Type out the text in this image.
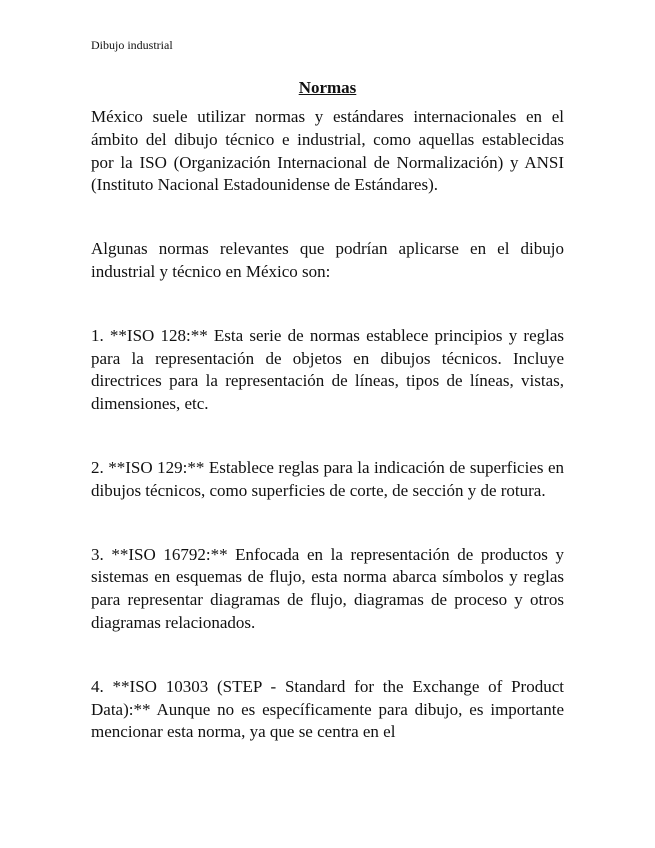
Dibujo industrial
Normas

México suele utilizar normas y estándares internacionales en el ámbito del dibujo técnico e industrial, como aquellas establecidas por la ISO (Organización Internacional de Normalización) y ANSI (Instituto Nacional Estadounidense de Estándares).

Algunas normas relevantes que podrían aplicarse en el dibujo industrial y técnico en México son:

1. **ISO 128:** Esta serie de normas establece principios y reglas para la representación de objetos en dibujos técnicos. Incluye directrices para la representación de líneas, tipos de líneas, vistas, dimensiones, etc.

2. **ISO 129:** Establece reglas para la indicación de superficies en dibujos técnicos, como superficies de corte, de sección y de rotura.

3. **ISO 16792:** Enfocada en la representación de productos y sistemas en esquemas de flujo, esta norma abarca símbolos y reglas para representar diagramas de flujo, diagramas de proceso y otros diagramas relacionados.

4. **ISO 10303 (STEP - Standard for the Exchange of Product Data):** Aunque no es específicamente para dibujo, es importante mencionar esta norma, ya que se centra en el
